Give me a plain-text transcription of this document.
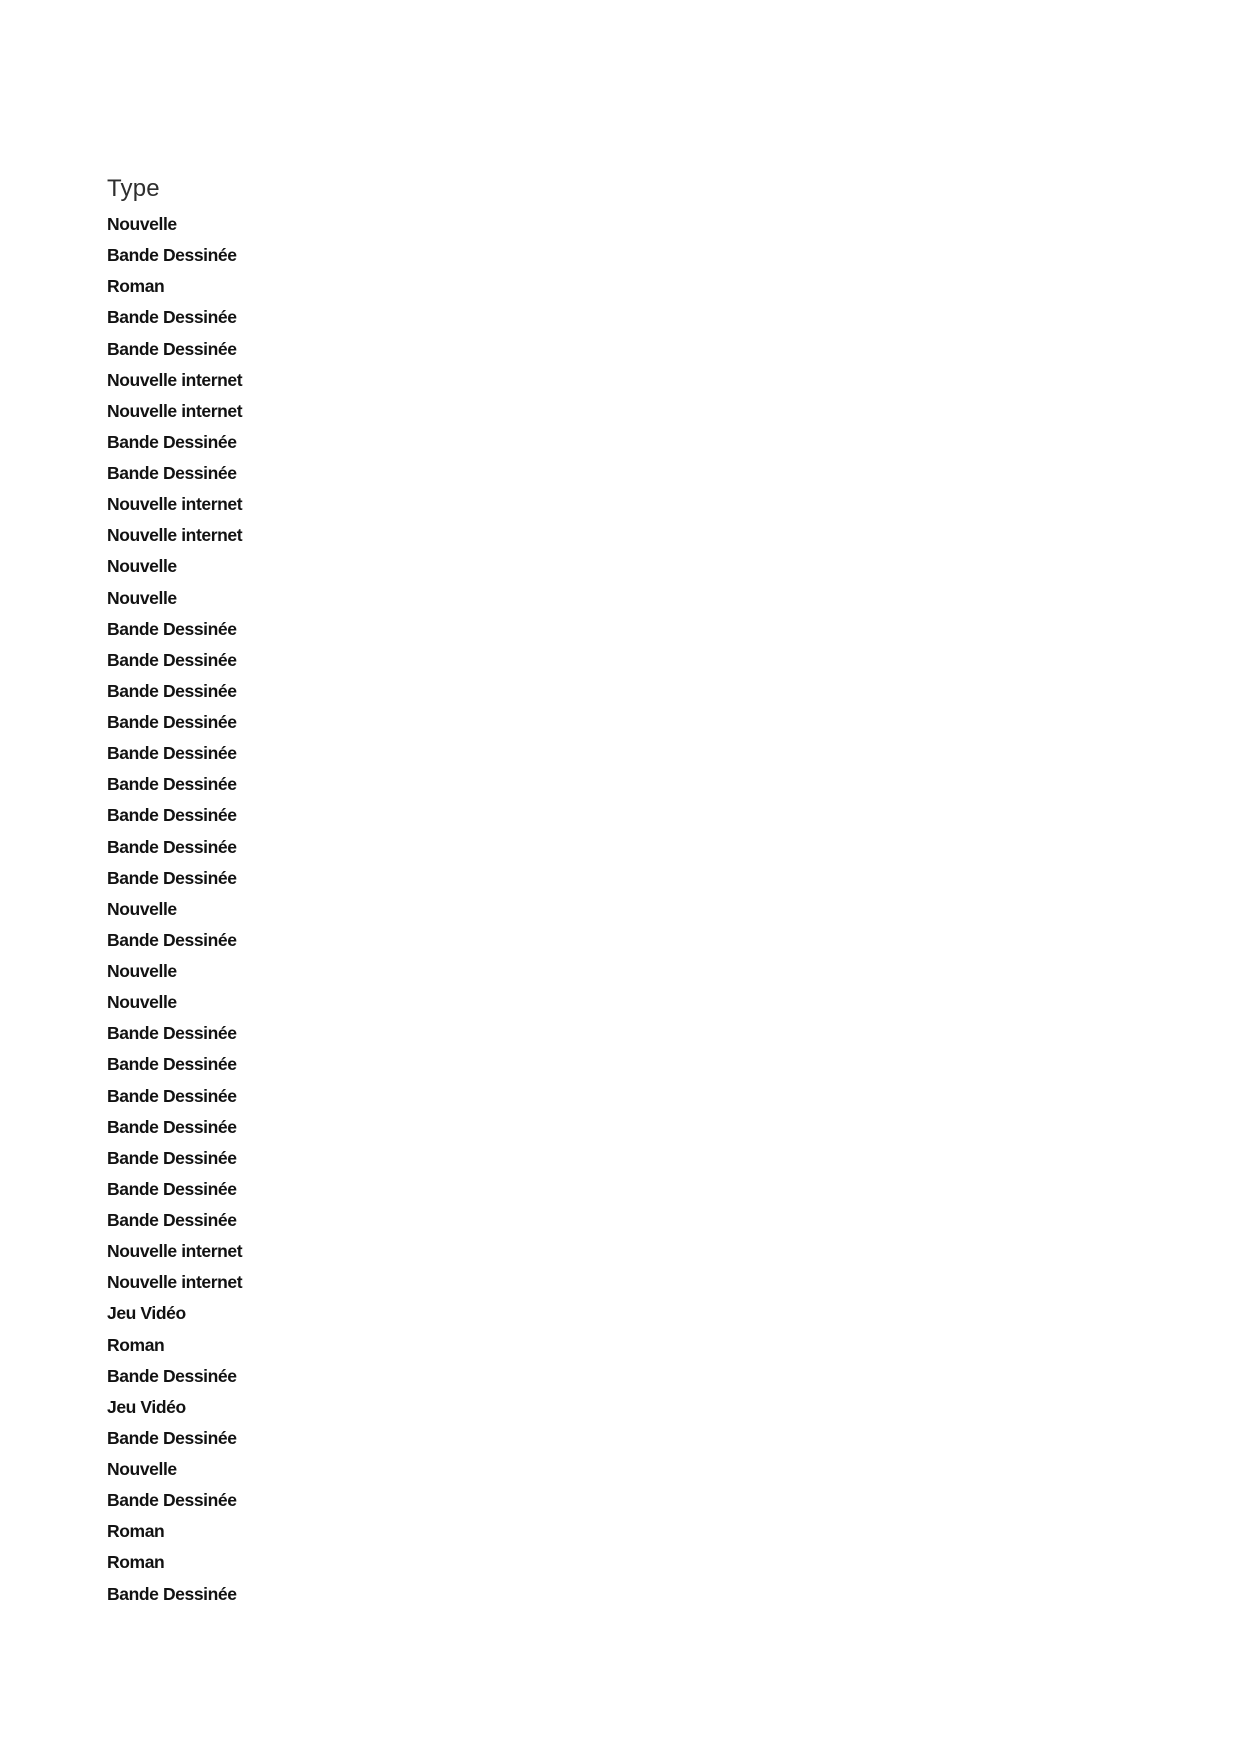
Type
Nouvelle
Bande Dessinée
Roman
Bande Dessinée
Bande Dessinée
Nouvelle internet
Nouvelle internet
Bande Dessinée
Bande Dessinée
Nouvelle internet
Nouvelle internet
Nouvelle
Nouvelle
Bande Dessinée
Bande Dessinée
Bande Dessinée
Bande Dessinée
Bande Dessinée
Bande Dessinée
Bande Dessinée
Bande Dessinée
Bande Dessinée
Nouvelle
Bande Dessinée
Nouvelle
Nouvelle
Bande Dessinée
Bande Dessinée
Bande Dessinée
Bande Dessinée
Bande Dessinée
Bande Dessinée
Bande Dessinée
Nouvelle internet
Nouvelle internet
Jeu Vidéo
Roman
Bande Dessinée
Jeu Vidéo
Bande Dessinée
Nouvelle
Bande Dessinée
Roman
Roman
Bande Dessinée
